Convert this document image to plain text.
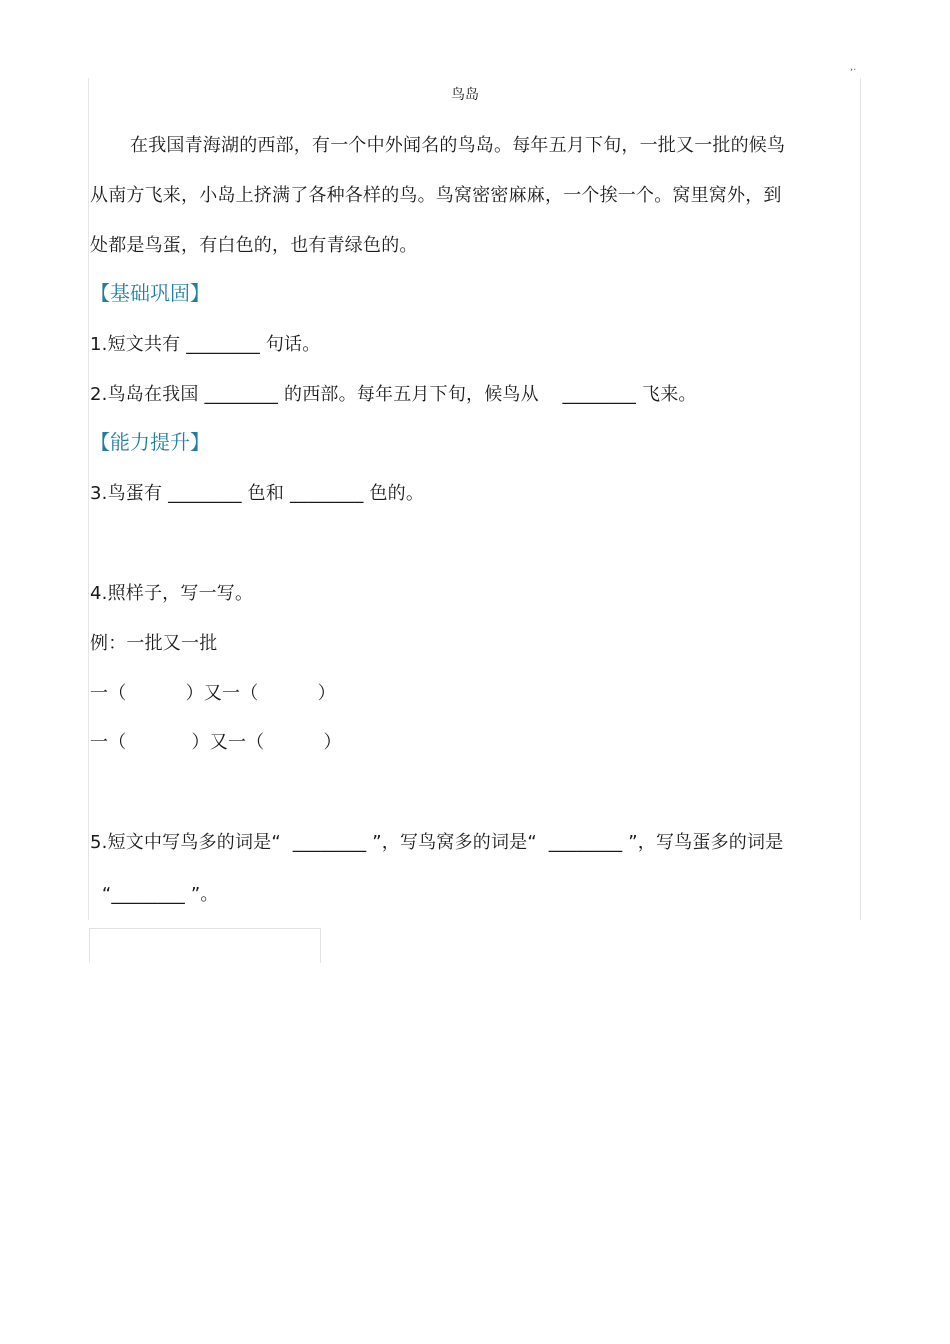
,.
鸟岛
在我国青海湖的西部，有一个中外闻名的鸟岛。每年五月下旬，一批又一批的候鸟
从南方飞来，小岛上挤满了各种各样的鸟。鸟窝密密麻麻，一个挨一个。窝里窝外，到
处都是鸟蛋，有白色的，也有青绿色的。
【基础巩固】
1.短文共有 ________ 句话。
2.鸟岛在我国 ________ 的西部。每年五月下旬，候鸟从    ________ 飞来。
【能力提升】
3.鸟蛋有 ________ 色和 ________ 色的。
4.照样子，写一写。
例：一批又一批
一（          ）又一（          ）
一（           ）又一（          ）
5.短文中写鸟多的词是“  ________ ”，写鸟窝多的词是“  ________ ”，写鸟蛋多的词是
“________ ”。
